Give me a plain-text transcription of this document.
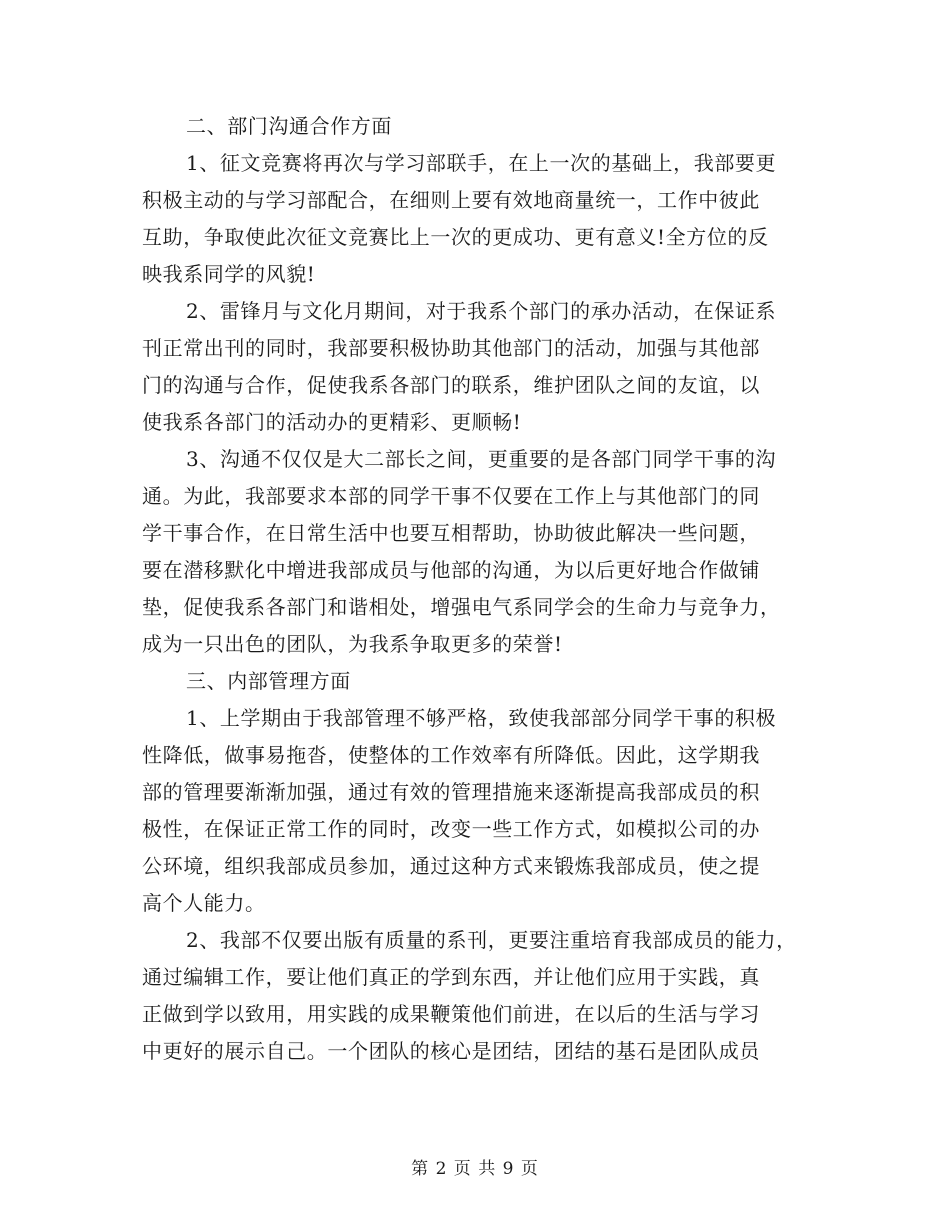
二、部门沟通合作方面
1、征文竞赛将再次与学习部联手，在上一次的基础上，我部要更
积极主动的与学习部配合，在细则上要有效地商量统一，工作中彼此
互助，争取使此次征文竞赛比上一次的更成功、更有意义!全方位的反
映我系同学的风貌!
2、雷锋月与文化月期间，对于我系个部门的承办活动，在保证系
刊正常出刊的同时，我部要积极协助其他部门的活动，加强与其他部
门的沟通与合作，促使我系各部门的联系，维护团队之间的友谊，以
使我系各部门的活动办的更精彩、更顺畅!
3、沟通不仅仅是大二部长之间，更重要的是各部门同学干事的沟
通。为此，我部要求本部的同学干事不仅要在工作上与其他部门的同
学干事合作，在日常生活中也要互相帮助，协助彼此解决一些问题，
要在潜移默化中增进我部成员与他部的沟通，为以后更好地合作做铺
垫，促使我系各部门和谐相处，增强电气系同学会的生命力与竞争力，
成为一只出色的团队，为我系争取更多的荣誉!
三、内部管理方面
1、上学期由于我部管理不够严格，致使我部部分同学干事的积极
性降低，做事易拖沓，使整体的工作效率有所降低。因此，这学期我
部的管理要渐渐加强，通过有效的管理措施来逐渐提高我部成员的积
极性，在保证正常工作的同时，改变一些工作方式，如模拟公司的办
公环境，组织我部成员参加，通过这种方式来锻炼我部成员，使之提
高个人能力。
2、我部不仅要出版有质量的系刊，更要注重培育我部成员的能力，
通过编辑工作，要让他们真正的学到东西，并让他们应用于实践，真
正做到学以致用，用实践的成果鞭策他们前进，在以后的生活与学习
中更好的展示自己。一个团队的核心是团结，团结的基石是团队成员
第 2 页 共 9 页
